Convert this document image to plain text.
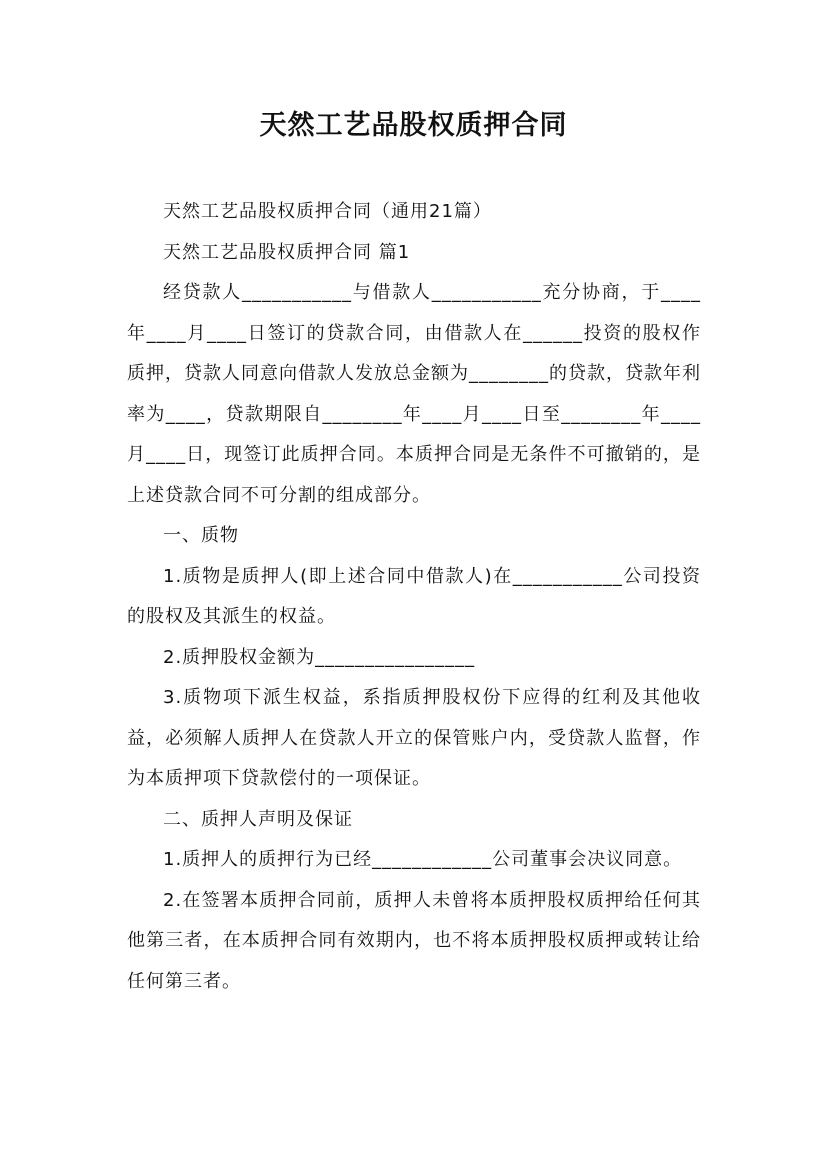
天然工艺品股权质押合同

天然工艺品股权质押合同（通用21篇）

天然工艺品股权质押合同 篇1

经贷款人___________与借款人___________充分协商，于____年____月____日签订的贷款合同，由借款人在______投资的股权作质押，贷款人同意向借款人发放总金额为________的贷款，贷款年利率为____，贷款期限自________年____月____日至________年____月____日，现签订此质押合同。本质押合同是无条件不可撤销的，是上述贷款合同不可分割的组成部分。

一、质物

1.质物是质押人(即上述合同中借款人)在___________公司投资的股权及其派生的权益。

2.质押股权金额为________________

3.质物项下派生权益，系指质押股权份下应得的红利及其他收益，必须解人质押人在贷款人开立的保管账户内，受贷款人监督，作为本质押项下贷款偿付的一项保证。

二、质押人声明及保证

1.质押人的质押行为已经____________公司董事会决议同意。

2.在签署本质押合同前，质押人未曾将本质押股权质押给任何其他第三者，在本质押合同有效期内，也不将本质押股权质押或转让给任何第三者。
